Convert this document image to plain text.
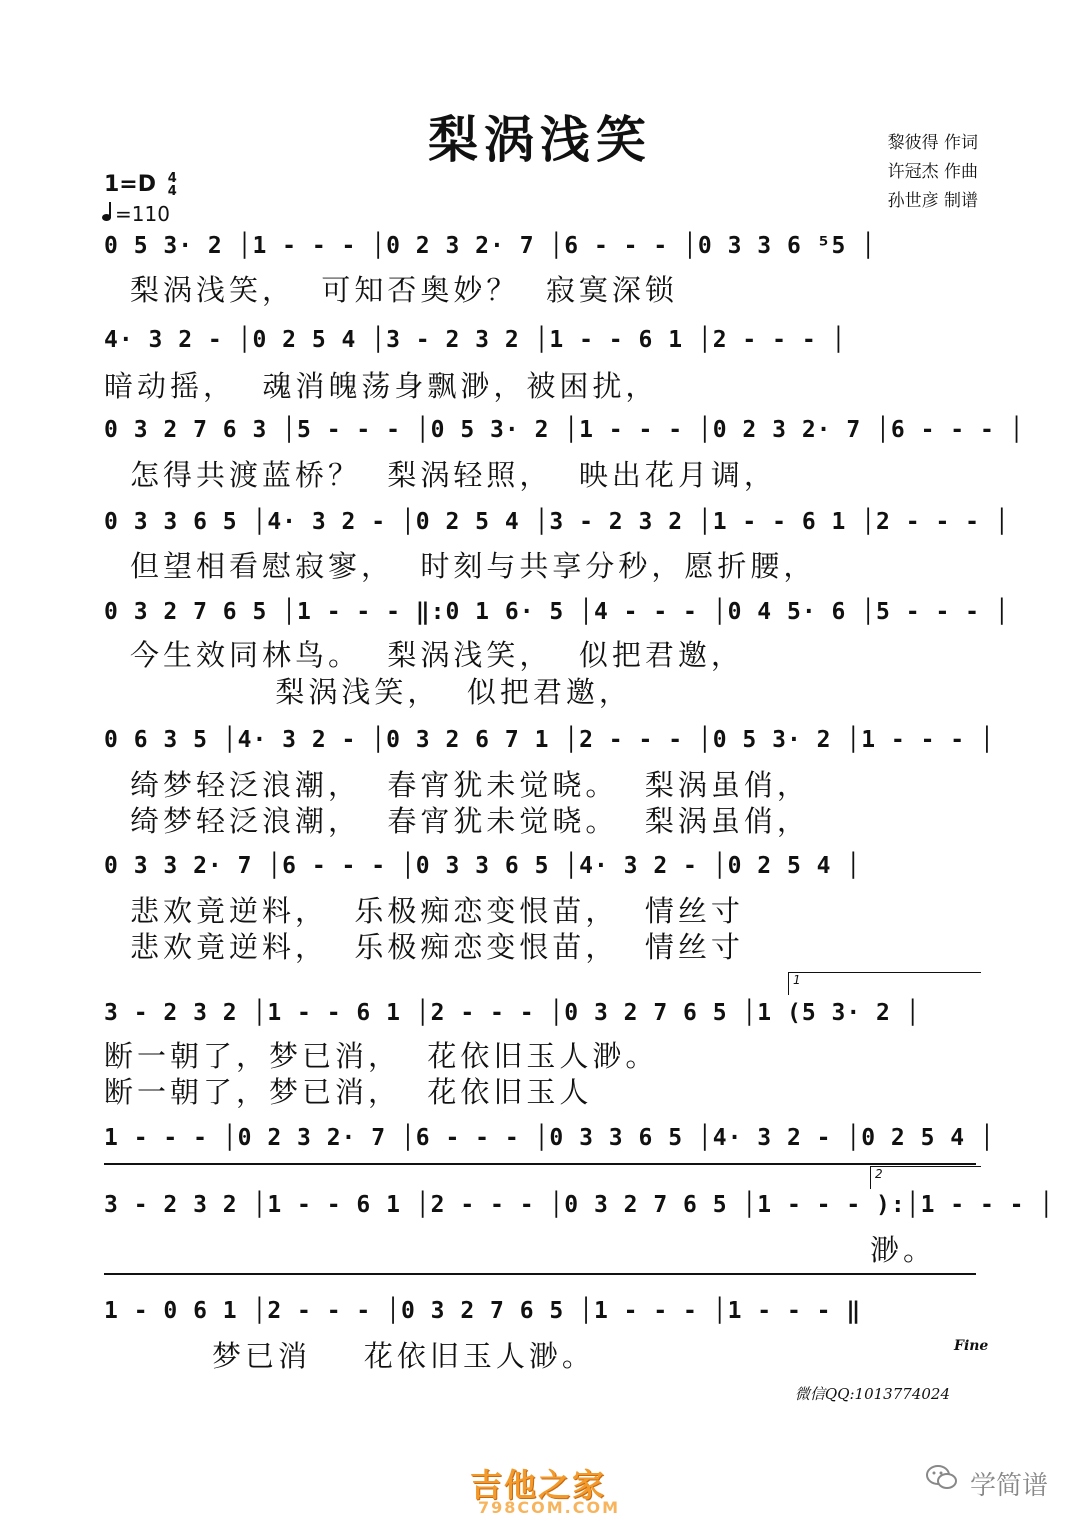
梨涡浅笑	黎彼得 作词
许冠杰 作曲
孙世彦 制谱
1=D 4
4
=110
0 5 3· 2 │1 - - - │0 2 3 2· 7 │6 - - - │0 3 3 6 ⁵5 │
梨涡浅笑，  可知否奥妙？  寂寞深锁
4· 3 2 - │0 2 5 4 │3 - 2 3 2 │1 - - 6 1 │2 - - - │
暗动摇，  魂消魄荡身飘渺，被困扰，
0 3 2 7 6 3 │5 - - - │0 5 3· 2 │1 - - - │0 2 3 2· 7 │6 - - - │
怎得共渡蓝桥？  梨涡轻照，  映出花月调，
0 3 3 6 5 │4· 3 2 - │0 2 5 4 │3 - 2 3 2 │1 - - 6 1 │2 - - - │
但望相看慰寂寥，  时刻与共享分秒，愿折腰，
0 3 2 7 6 5 │1 - - - ‖:0 1 6· 5 │4 - - - │0 4 5· 6 │5 - - - │
今生效同林鸟。  梨涡浅笑，  似把君邀，
梨涡浅笑，  似把君邀，
0 6 3 5 │4· 3 2 - │0 3 2 6 7 1 │2 - - - │0 5 3· 2 │1 - - - │
绮梦轻泛浪潮，  春宵犹未觉晓。  梨涡虽俏，
绮梦轻泛浪潮，  春宵犹未觉晓。  梨涡虽俏，
0 3 3 2· 7 │6 - - - │0 3 3 6 5 │4· 3 2 - │0 2 5 4 │
悲欢竟逆料，  乐极痴恋变恨苗，  情丝寸
悲欢竟逆料，  乐极痴恋变恨苗，  情丝寸
1
3 - 2 3 2 │1 - - 6 1 │2 - - - │0 3 2 7 6 5 │1 (5 3· 2 │
断一朝了，梦已消，  花依旧玉人渺。
断一朝了，梦已消，  花依旧玉人
1 - - - │0 2 3 2· 7 │6 - - - │0 3 3 6 5 │4· 3 2 - │0 2 5 4 │
2
3 - 2 3 2 │1 - - 6 1 │2 - - - │0 3 2 7 6 5 │1 - - - ):│1 - - - │
渺。
1 - 0 6 1 │2 - - - │0 3 2 7 6 5 │1 - - - │1 - - - ‖
梦已消    花依旧玉人渺。	Fine
微信QQ:1013774024
吉他之家
798COM.COM
学简谱
